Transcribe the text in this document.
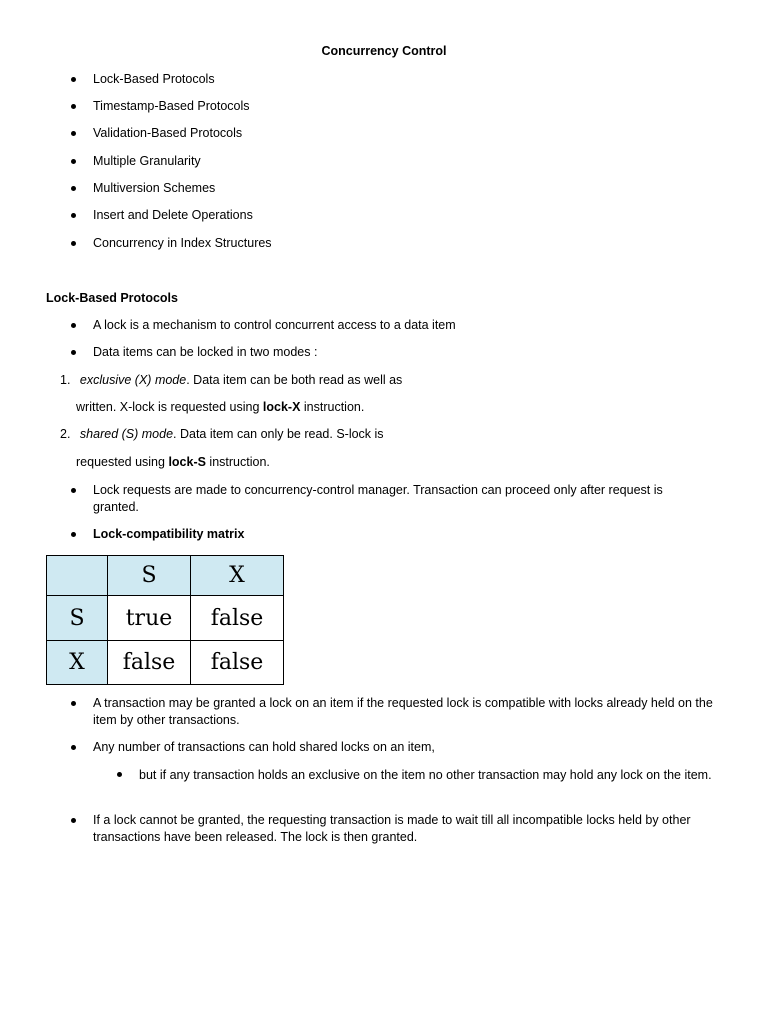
Concurrency Control
Lock-Based Protocols
Timestamp-Based Protocols
Validation-Based Protocols
Multiple Granularity
Multiversion Schemes
Insert and Delete Operations
Concurrency in Index Structures
Lock-Based Protocols
A lock is a mechanism to control concurrent access to a data item
Data items can be locked in two modes :
1. exclusive (X) mode. Data item can be both read as well as
written. X-lock is requested using lock-X instruction.
2. shared (S) mode. Data item can only be read. S-lock is
requested using lock-S instruction.
Lock requests are made to concurrency-control manager. Transaction can proceed only after request is granted.
Lock-compatibility matrix
	S	X
S	true	false
X	false	false
A transaction may be granted a lock on an item if the requested lock is compatible with locks already held on the item by other transactions.
Any number of transactions can hold shared locks on an item,
but if any transaction holds an exclusive on the item no other transaction may hold any lock on the item.
If a lock cannot be granted, the requesting transaction is made to wait till all incompatible locks held by other transactions have been released. The lock is then granted.
